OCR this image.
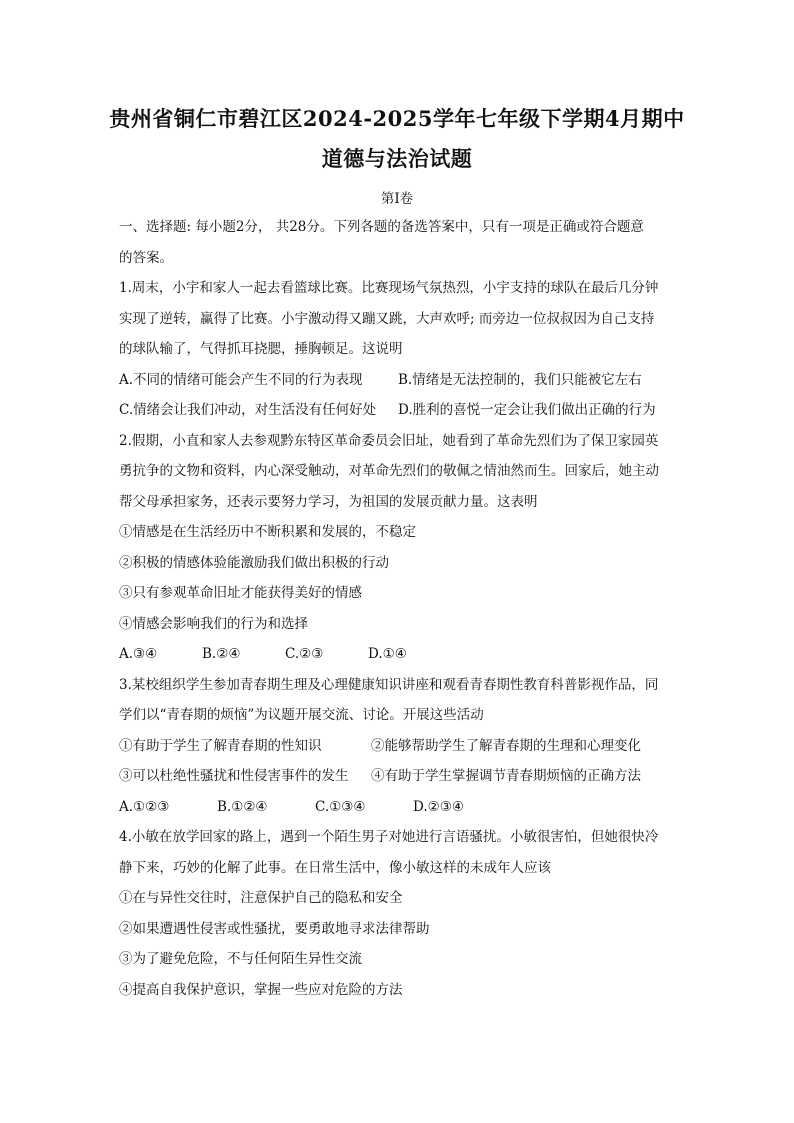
贵州省铜仁市碧江区2024-2025学年七年级下学期4月期中
道德与法治试题
第I卷

一、选择题: 每小题2分， 共28分。下列各题的备选答案中，只有一项是正确或符合题意
的答案。

1.周末，小宇和家人一起去看篮球比赛。比赛现场气氛热烈，小宇支持的球队在最后几分钟
实现了逆转，赢得了比赛。小宇激动得又蹦又跳，大声欢呼; 而旁边一位叔叔因为自己支持
的球队输了，气得抓耳挠腮，捶胸顿足。这说明

A.不同的情绪可能会产生不同的行为表现	B.情绪是无法控制的，我们只能被它左右
C.情绪会让我们冲动，对生活没有任何好处	D.胜利的喜悦一定会让我们做出正确的行为

2.假期，小直和家人去参观黔东特区革命委员会旧址，她看到了革命先烈们为了保卫家园英
勇抗争的文物和资料，内心深受触动，对革命先烈们的敬佩之情油然而生。回家后，她主动
帮父母承担家务，还表示要努力学习，为祖国的发展贡献力量。这表明

①情感是在生活经历中不断积累和发展的，不稳定
②积极的情感体验能激励我们做出积极的行动
③只有参观革命旧址才能获得美好的情感
④情感会影响我们的行为和选择
A.③④	B.②④	C.②③	D.①④

3.某校组织学生参加青春期生理及心理健康知识讲座和观看青春期性教育科普影视作品，同
学们以“青春期的烦恼”为议题开展交流、讨论。开展这些活动

①有助于学生了解青春期的性知识	②能够帮助学生了解青春期的生理和心理变化
③可以杜绝性骚扰和性侵害事件的发生	④有助于学生掌握调节青春期烦恼的正确方法
A.①②③	B.①②④	C.①③④	D.②③④

4.小敏在放学回家的路上，遇到一个陌生男子对她进行言语骚扰。小敏很害怕，但她很快冷
静下来，巧妙的化解了此事。在日常生活中，像小敏这样的未成年人应该

①在与异性交往时，注意保护自己的隐私和安全
②如果遭遇性侵害或性骚扰，要勇敢地寻求法律帮助
③为了避免危险，不与任何陌生异性交流
④提高自我保护意识，掌握一些应对危险的方法
